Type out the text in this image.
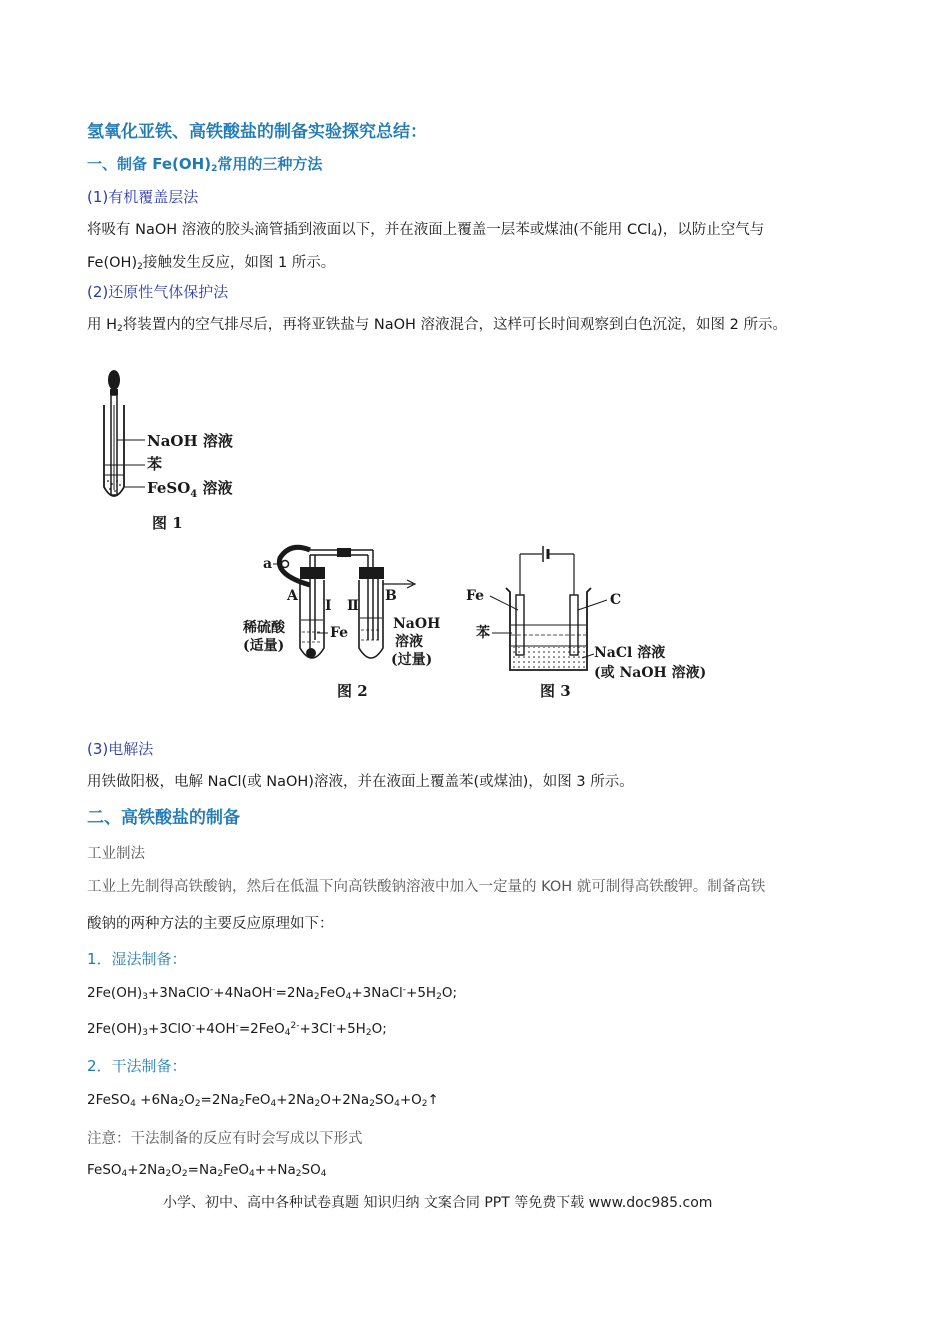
氢氧化亚铁、高铁酸盐的制备实验探究总结：
一、制备 $Fe(OH)_2$常用的三种方法
(1)有机覆盖层法
将吸有 NaOH 溶液的胶头滴管插到液面以下，并在液面上覆盖一层苯或煤油(不能用 CCl$_4$)，以防止空气与
$Fe(OH)_2$接触发生反应，如图 1 所示。
(2)还原性气体保护法
用 $H_2$将装置内的空气排尽后，再将亚铁盐与 NaOH 溶液混合，这样可长时间观察到白色沉淀，如图 2 所示。
NaOH 溶液
苯
FeSO$_4$ 溶液
图 1
a
A
Ⅰ Ⅱ
B
Fe
稀硫酸
(适量)
NaOH
溶液
(过量)
图 2
Fe	C
苯
NaCl 溶液
(或 NaOH 溶液)
图 3
(3)电解法
用铁做阳极，电解 NaCl(或 NaOH)溶液，并在液面上覆盖苯(或煤油)，如图 3 所示。
二、高铁酸盐的制备
工业制法
工业上先制得高铁酸钠，然后在低温下向高铁酸钠溶液中加入一定量的 KOH 就可制得高铁酸钾。制备高铁
酸钠的两种方法的主要反应原理如下：
1．湿法制备：
$2Fe(OH)_3+3NaClO^-+4NaOH^-=2Na_2FeO_4+3NaCl^-+5H_2O$;
$2Fe(OH)_3+3ClO^-+4OH^-=2FeO_4^{2-}+3Cl^-+5H_2O$;
2．干法制备：
2FeSO$_4$ $+6Na_2O_2=2Na_2FeO_4+2Na_2O+2Na_2SO_4+O_2↑$
注意：干法制备的反应有时会写成以下形式
$FeSO_4+2Na_2O_2=Na_2FeO_4++Na_2SO_4$
小学、初中、高中各种试卷真题 知识归纳 文案合同 PPT 等免费下载 www.doc985.com
